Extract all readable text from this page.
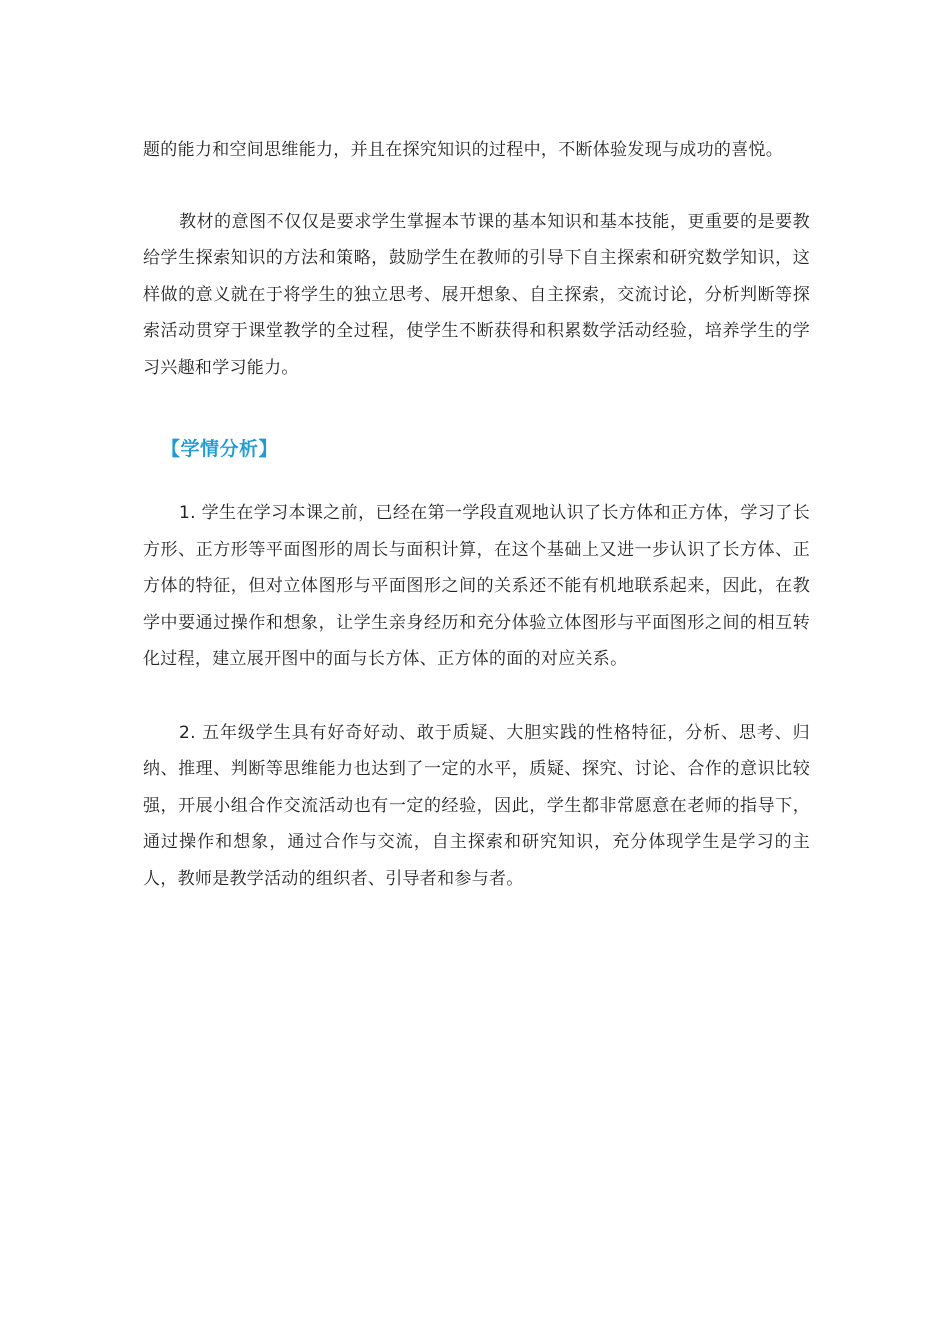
题的能力和空间思维能力，并且在探究知识的过程中，不断体验发现与成功的喜悦。

教材的意图不仅仅是要求学生掌握本节课的基本知识和基本技能，更重要的是要教给学生探索知识的方法和策略，鼓励学生在教师的引导下自主探索和研究数学知识，这样做的意义就在于将学生的独立思考、展开想象、自主探索，交流讨论，分析判断等探索活动贯穿于课堂教学的全过程，使学生不断获得和积累数学活动经验，培养学生的学习兴趣和学习能力。

【学情分析】

1. 学生在学习本课之前，已经在第一学段直观地认识了长方体和正方体，学习了长方形、正方形等平面图形的周长与面积计算，在这个基础上又进一步认识了长方体、正方体的特征，但对立体图形与平面图形之间的关系还不能有机地联系起来，因此，在教学中要通过操作和想象，让学生亲身经历和充分体验立体图形与平面图形之间的相互转化过程，建立展开图中的面与长方体、正方体的面的对应关系。

2. 五年级学生具有好奇好动、敢于质疑、大胆实践的性格特征，分析、思考、归纳、推理、判断等思维能力也达到了一定的水平，质疑、探究、讨论、合作的意识比较强，开展小组合作交流活动也有一定的经验，因此，学生都非常愿意在老师的指导下，通过操作和想象，通过合作与交流，自主探索和研究知识，充分体现学生是学习的主人，教师是教学活动的组织者、引导者和参与者。
